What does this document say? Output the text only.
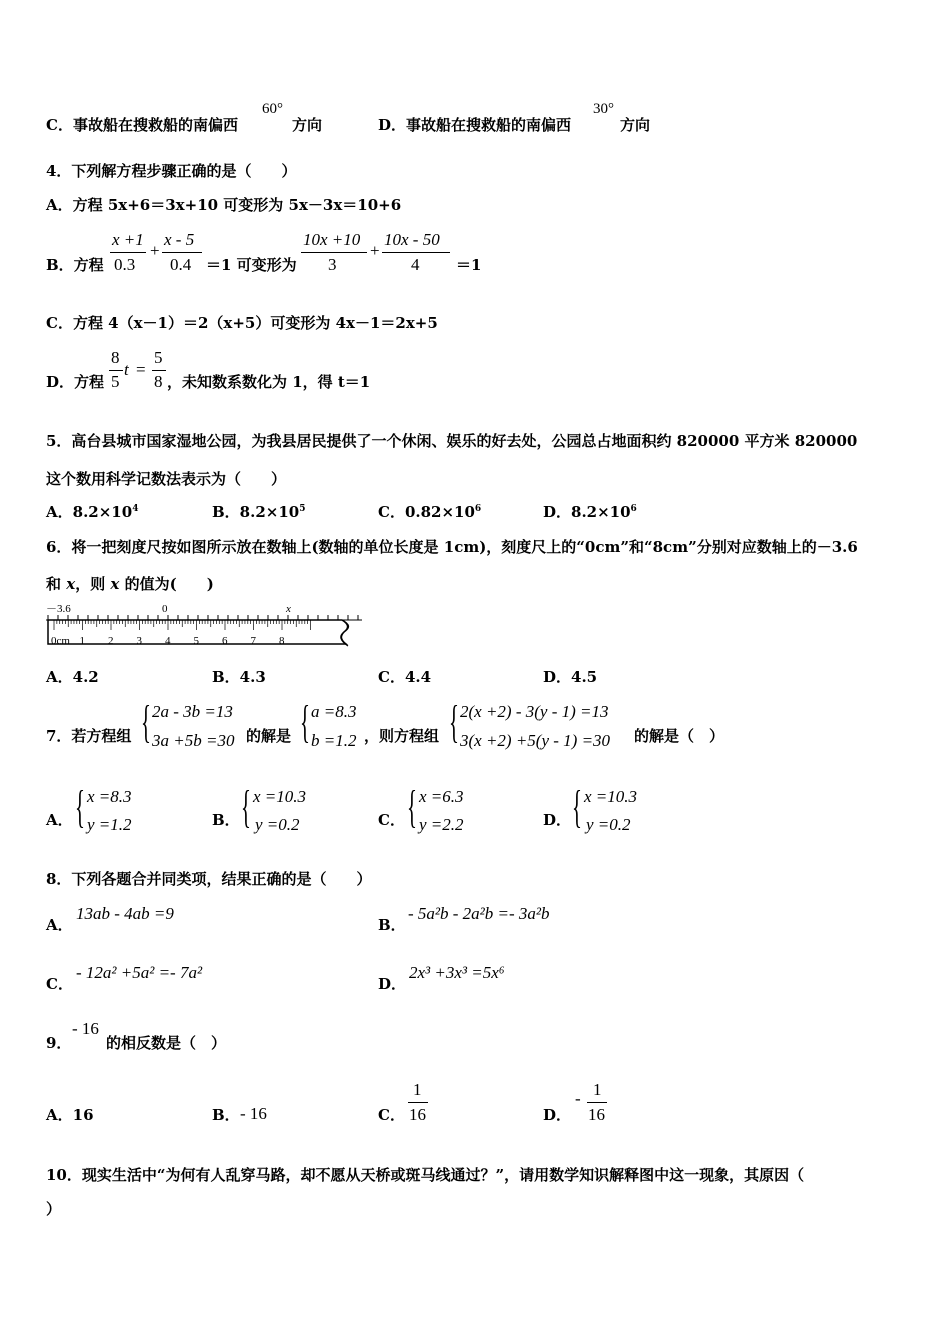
C．事故船在搜救船的南偏西
60°
方向	D．事故船在搜救船的南偏西
30°
方向
4．下列解方程步骤正确的是（　　）
A．方程 5x+6＝3x+10 可变形为 5x－3x＝10+6
B．方程
x +1
0.3
+
x - 5
0.4 ＝1 可变形为
10x +10
3
+
10x - 50
4 ＝1
C．方程 4（x－1）＝2（x+5）可变形为 4x－1＝2x+5
D．方程
8
5
t =
5
8 ，未知数系数化为 1，得 t＝1
5．高台县城市国家湿地公园，为我县居民提供了一个休闲、娱乐的好去处，公园总占地面积约 820000 平方米 820000
这个数用科学记数法表示为（　　）
A．$8.2\times 10^4$	B．$8.2\times 10^5$	C．$0.82\times 10^6$	D．$8.2\times 10^6$
6．将一把刻度尺按如图所示放在数轴上(数轴的单位长度是 1cm)，刻度尺上的“0cm”和“8cm”分别对应数轴上的－3.6
和 x，则 x 的值为(　　)
－3.6	0	x
0cm 1 2 3 4 5 6 7 8
A．4.2	B．4.3	C．4.4	D．4.5
7．若方程组 { 2a - 3b =13
3a +5b =30 的解是 { a =8.3
b =1.2 ，则方程组 { 2(x +2) - 3(y - 1) =13
3(x +2) +5(y - 1) =30 的解是（　）
A． { x =8.3
y =1.2	B． { x =10.3
y =0.2	C． { x =6.3
y =2.2	D． { x =10.3
y =0.2
8．下列各题合并同类项，结果正确的是（　　）
A．
13ab - 4ab =9
B．
- 5a²b - 2a²b =- 3a²b
C．
- 12a² +5a² =- 7a²
D．
2x³ +3x³ =5x⁶
9．
- 16
的相反数是（　）
A．16	B． - 16	C．
1
16	D．
- 1
16
10．现实生活中“为何有人乱穿马路，却不愿从天桥或斑马线通过？”，请用数学知识解释图中这一现象，其原因（
）
